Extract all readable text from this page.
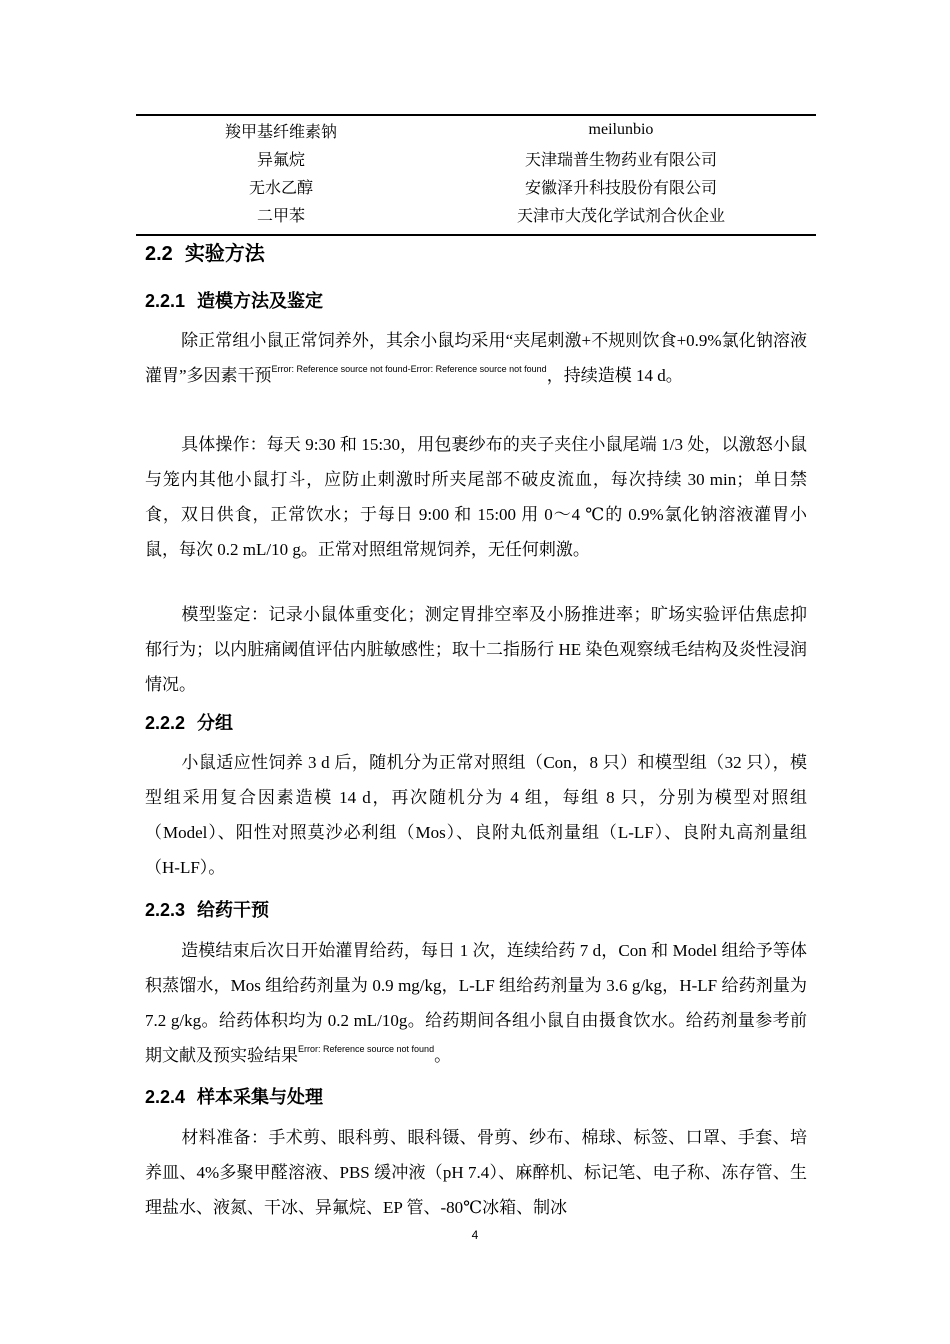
羧甲基纤维素钠	meilunbio
异氟烷	天津瑞普生物药业有限公司
无水乙醇	安徽泽升科技股份有限公司
二甲苯	天津市大茂化学试剂合伙企业
2.2 实验方法
2.2.1 造模方法及鉴定
除正常组小鼠正常饲养外，其余小鼠均采用“夹尾刺激+不规则饮食+0.9%氯化钠溶液灌胃”多因素干预$^{Error: Reference source not found-Error: Reference source not found}$，持续造模 14 d。
具体操作：每天 9:30 和 15:30，用包裹纱布的夹子夹住小鼠尾端 1/3 处，以激怒小鼠与笼内其他小鼠打斗，应防止刺激时所夹尾部不破皮流血，每次持续 30 min；单日禁食，双日供食，正常饮水；于每日 9:00 和 15:00 用 0～4 ℃的 0.9%氯化钠溶液灌胃小鼠，每次 0.2 mL/10 g。正常对照组常规饲养，无任何刺激。
模型鉴定：记录小鼠体重变化；测定胃排空率及小肠推进率；旷场实验评估焦虑抑郁行为；以内脏痛阈值评估内脏敏感性；取十二指肠行 HE 染色观察绒毛结构及炎性浸润情况。
2.2.2 分组
小鼠适应性饲养 3 d 后，随机分为正常对照组（Con，8 只）和模型组（32 只），模型组采用复合因素造模 14 d，再次随机分为 4 组，每组 8 只，分别为模型对照组（Model）、阳性对照莫沙必利组（Mos）、良附丸低剂量组（L-LF）、良附丸高剂量组（H-LF）。
2.2.3 给药干预
造模结束后次日开始灌胃给药，每日 1 次，连续给药 7 d，Con 和 Model 组给予等体积蒸馏水，Mos 组给药剂量为 0.9 mg/kg，L-LF 组给药剂量为 3.6 g/kg，H-LF 给药剂量为 7.2 g/kg。给药体积均为 0.2 mL/10g。给药期间各组小鼠自由摄食饮水。给药剂量参考前期文献及预实验结果$^{Error: Reference source not found}$。
2.2.4 样本采集与处理
材料准备：手术剪、眼科剪、眼科镊、骨剪、纱布、棉球、标签、口罩、手套、培养皿、4%多聚甲醛溶液、PBS 缓冲液（pH 7.4）、麻醉机、标记笔、电子称、冻存管、生理盐水、液氮、干冰、异氟烷、EP 管、-80℃冰箱、制冰
4
